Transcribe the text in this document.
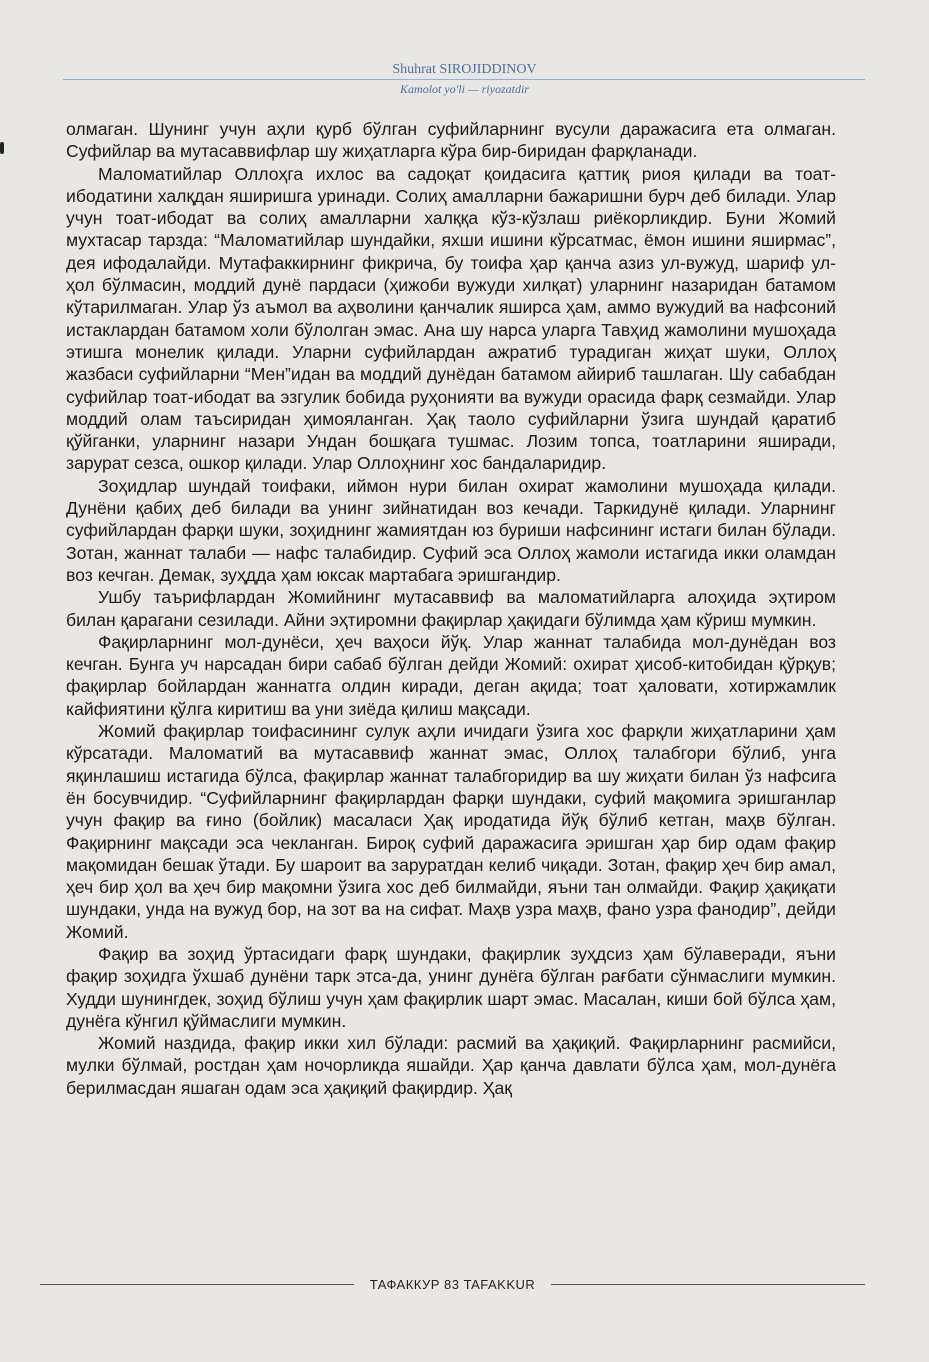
Shuhrat SIROJIDDINOV
Kamolot yo'li — riyozatdir

олмаган. Шунинг учун аҳли қурб бўлган суфийларнинг вусули даражасига ета олмаган. Суфийлар ва мутасаввифлар шу жиҳатларга кўра бир-биридан фарқланади.

Маломатийлар Оллоҳга ихлос ва садоқат қоидасига қаттиқ риоя қилади ва тоат-ибодатини халқдан яширишга уринади. Солиҳ амалларни бажаришни бурч деб билади. Улар учун тоат-ибодат ва солиҳ амалларни халққа кўз-кўзлаш риёкорликдир. Буни Жомий мухтасар тарзда: “Маломатийлар шундайки, яхши ишини кўрсатмас, ёмон ишини яширмас”, дея ифодалайди. Мутафаккирнинг фикрича, бу тоифа ҳар қанча азиз ул-вужуд, шариф ул-ҳол бўлмасин, моддий дунё пардаси (ҳижоби вужуди хилқат) уларнинг назаридан батамом кўтарилмаган. Улар ўз аъмол ва аҳволини қанчалик яширса ҳам, аммо вужудий ва нафсоний истаклардан батамом холи бўлолган эмас. Ана шу нарса уларга Тавҳид жамолини мушоҳада этишга монелик қилади. Уларни суфийлардан ажратиб турадиган жиҳат шуки, Оллоҳ жазбаси суфийларни “Мен”идан ва моддий дунёдан батамом айириб ташлаган. Шу сабабдан суфийлар тоат-ибодат ва эзгулик бобида руҳонияти ва вужуди орасида фарқ сезмайди. Улар моддий олам таъсиридан ҳимояланган. Ҳақ таоло суфийларни ўзига шундай қаратиб қўйганки, уларнинг назари Ундан бошқага тушмас. Лозим топса, тоатларини яширади, зарурат сезса, ошкор қилади. Улар Оллоҳнинг хос бандаларидир.

Зоҳидлар шундай тоифаки, иймон нури билан охират жамолини мушоҳада қилади. Дунёни қабиҳ деб билади ва унинг зийнатидан воз кечади. Таркидунё қилади. Уларнинг суфийлардан фарқи шуки, зоҳиднинг жамиятдан юз буриши нафсининг истаги билан бўлади. Зотан, жаннат талаби — нафс талабидир. Суфий эса Оллоҳ жамоли истагида икки оламдан воз кечган. Демак, зуҳдда ҳам юксак мартабага эришгандир.

Ушбу таърифлардан Жомийнинг мутасаввиф ва маломатийларга алоҳида эҳтиром билан қарагани сезилади. Айни эҳтиромни фақирлар ҳақидаги бўлимда ҳам кўриш мумкин.

Фақирларнинг мол-дунёси, ҳеч ваҳоси йўқ. Улар жаннат талабида мол-дунёдан воз кечган. Бунга уч нарсадан бири сабаб бўлган дейди Жомий: охират ҳисоб-китобидан қўрқув; фақирлар бойлардан жаннатга олдин киради, деган ақида; тоат ҳаловати, хотиржамлик кайфиятини қўлга киритиш ва уни зиёда қилиш мақсади.

Жомий фақирлар тоифасининг сулук аҳли ичидаги ўзига хос фарқли жиҳатларини ҳам кўрсатади. Маломатий ва мутасаввиф жаннат эмас, Оллоҳ талабгори бўлиб, унга яқинлашиш истагида бўлса, фақирлар жаннат талабгоридир ва шу жиҳати билан ўз нафсига ён босувчидир. “Суфийларнинг фақирлардан фарқи шундаки, суфий мақомига эришганлар учун фақир ва ғино (бойлик) масаласи Ҳақ иродатида йўқ бўлиб кетган, маҳв бўлган. Фақирнинг мақсади эса чекланган. Бироқ суфий даражасига эришган ҳар бир одам фақир мақомидан бешак ўтади. Бу шароит ва заруратдан келиб чиқади. Зотан, фақир ҳеч бир амал, ҳеч бир ҳол ва ҳеч бир мақомни ўзига хос деб билмайди, яъни тан олмайди. Фақир ҳақиқати шундаки, унда на вужуд бор, на зот ва на сифат. Маҳв узра маҳв, фано узра фанодир”, дейди Жомий.

Фақир ва зоҳид ўртасидаги фарқ шундаки, фақирлик зуҳдсиз ҳам бўлаверади, яъни фақир зоҳидга ўхшаб дунёни тарк этса-да, унинг дунёга бўлган рағбати сўнмаслиги мумкин. Худди шунингдек, зоҳид бўлиш учун ҳам фақирлик шарт эмас. Масалан, киши бой бўлса ҳам, дунёга кўнгил қўймаслиги мумкин.

Жомий наздида, фақир икки хил бўлади: расмий ва ҳақиқий. Фақирларнинг расмийси, мулки бўлмай, ростдан ҳам ночорликда яшайди. Ҳар қанча давлати бўлса ҳам, мол-дунёга берилмасдан яшаган одам эса ҳақиқий фақирдир. Ҳақ

ТАФАККУР 83 TAFAKKUR
